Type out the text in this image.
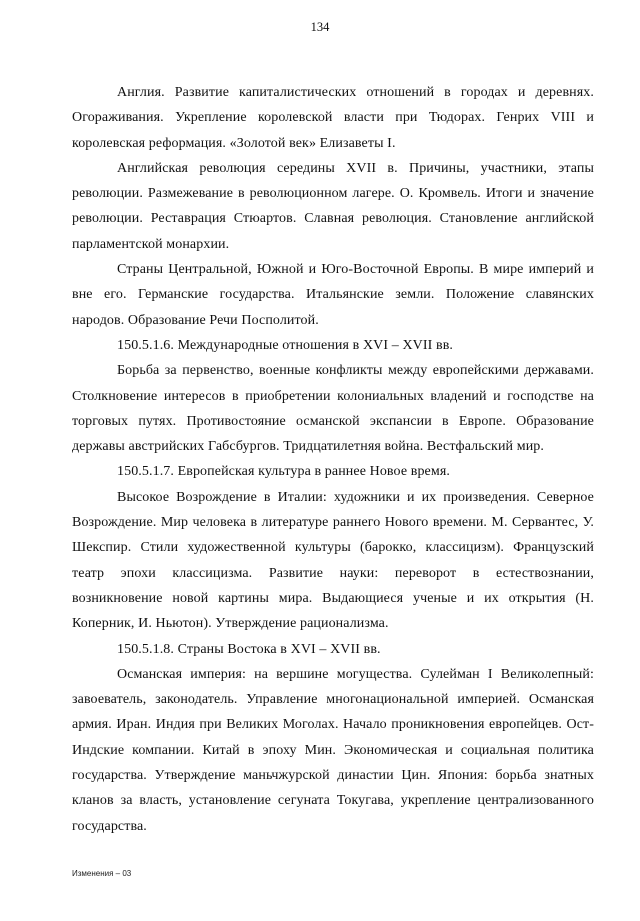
134

Англия. Развитие капиталистических отношений в городах и деревнях. Огораживания. Укрепление королевской власти при Тюдорах. Генрих VIII и королевская реформация. «Золотой век» Елизаветы I.

Английская революция середины XVII в. Причины, участники, этапы революции. Размежевание в революционном лагере. О. Кромвель. Итоги и значение революции. Реставрация Стюартов. Славная революция. Становление английской парламентской монархии.

Страны Центральной, Южной и Юго-Восточной Европы. В мире империй и вне его. Германские государства. Итальянские земли. Положение славянских народов. Образование Речи Посполитой.

150.5.1.6. Международные отношения в XVI – XVII вв.

Борьба за первенство, военные конфликты между европейскими державами. Столкновение интересов в приобретении колониальных владений и господстве на торговых путях. Противостояние османской экспансии в Европе. Образование державы австрийских Габсбургов. Тридцатилетняя война. Вестфальский мир.

150.5.1.7. Европейская культура в раннее Новое время.

Высокое Возрождение в Италии: художники и их произведения. Северное Возрождение. Мир человека в литературе раннего Нового времени. М. Сервантес, У. Шекспир. Стили художественной культуры (барокко, классицизм). Французский театр эпохи классицизма. Развитие науки: переворот в естествознании, возникновение новой картины мира. Выдающиеся ученые и их открытия (Н. Коперник, И. Ньютон). Утверждение рационализма.

150.5.1.8. Страны Востока в XVI – XVII вв.

Османская империя: на вершине могущества. Сулейман I Великолепный: завоеватель, законодатель. Управление многонациональной империей. Османская армия. Иран. Индия при Великих Моголах. Начало проникновения европейцев. Ост-Индские компании. Китай в эпоху Мин. Экономическая и социальная политика государства. Утверждение маньчжурской династии Цин. Япония: борьба знатных кланов за власть, установление сегуната Токугава, укрепление централизованного государства.

Изменения – 03
